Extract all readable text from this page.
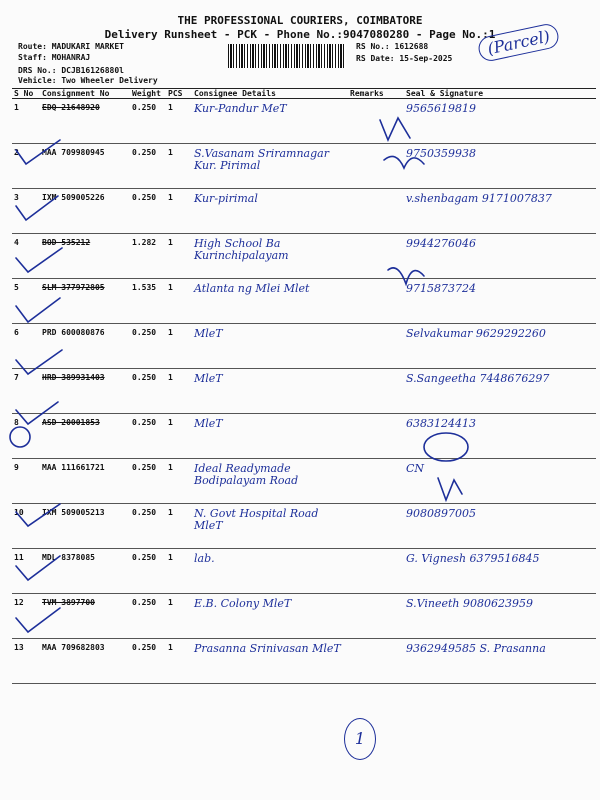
THE PROFESSIONAL COURIERS, COIMBATORE
Delivery Runsheet - PCK - Phone No.:9047080280 - Page No.:1
Route: MADUKARI MARKET
Staff: MOHANRAJ
DRS No.: DCJB16126880l
Vehicle: Two Wheeler Delivery
RS No.: 1612688
RS Date: 15-Sep-2025
(Parcel)
S No	Consignment No	Weight	PCS	Consignee Details	Remarks	Seal & Signature
1	EDQ 21648920	0.250	1	Kur-Pandur MeT		9565619819
2	MAA 709980945	0.250	1	S.Vasanam Sriramnagar Kur. Pirimal		9750359938
3	IXM 509005226	0.250	1	Kur-pirimal		v.shenbagam 9171007837
4	BOD 535212	1.282	1	High School Ba Kurinchipalayam		9944276046
5	SLM 377972805	1.535	1	Atlanta ng Mlei Mlet		9715873724
6	PRD 600080876	0.250	1	MleT		Selvakumar 9629292260
7	HRD 389931403	0.250	1	MleT		S.Sangeetha 7448676297
8	ASD 20001853	0.250	1	MleT		6383124413
9	MAA 111661721	0.250	1	Ideal Readymade Bodipalayam Road		CN
10	IXM 509005213	0.250	1	N. Govt Hospital Road MleT		9080897005
11	MDL 8378085	0.250	1	lab.		G. Vignesh 6379516845
12	TVM 3897700	0.250	1	E.B. Colony MleT		S.Vineeth 9080623959
13	MAA 709682803	0.250	1	Prasanna Srinivasan MleT		9362949585 S. Prasanna
1
